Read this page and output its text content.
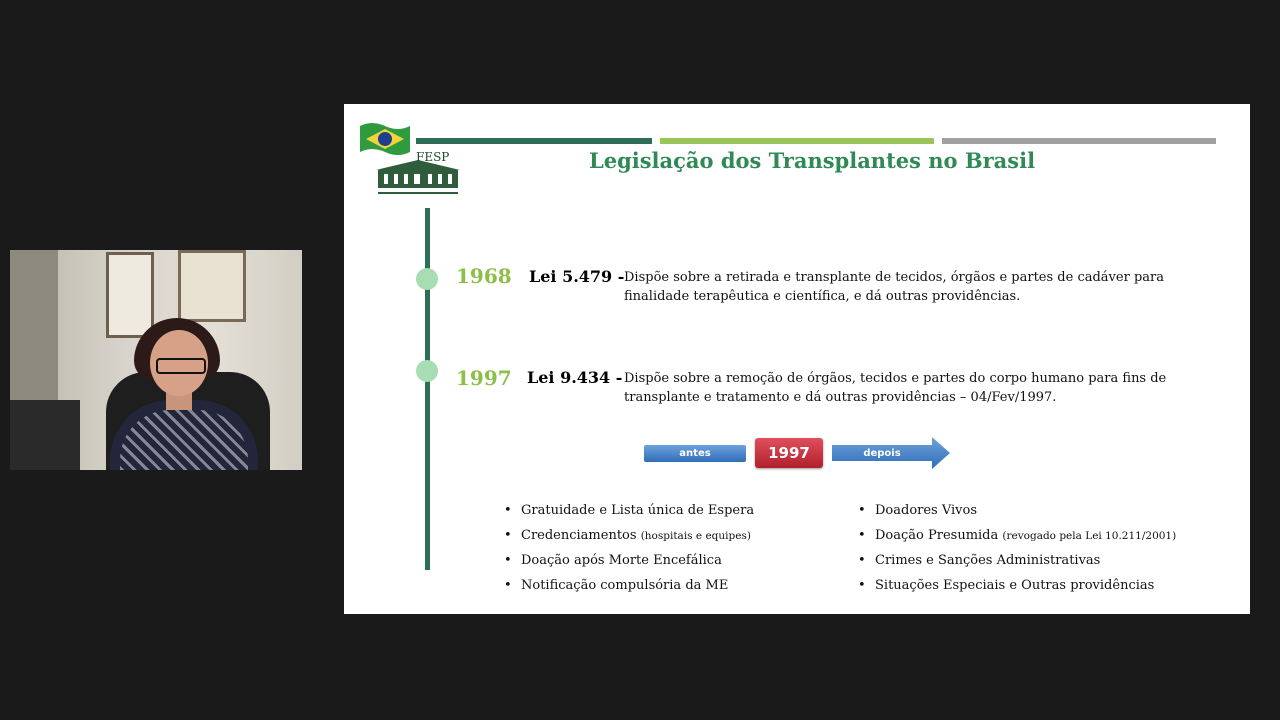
FESP	Legislação dos Transplantes no Brasil
1968 Lei 5.479 - Dispõe sobre a retirada e transplante de tecidos, órgãos e partes de cadáver para finalidade terapêutica e científica, e dá outras providências.
1997 Lei 9.434 - Dispõe sobre a remoção de órgãos, tecidos e partes do corpo humano para fins de transplante e tratamento e dá outras providências – 04/Fev/1997.
antes	1997	depois
• Gratuidade e Lista única de Espera
• Credenciamentos (hospitais e equipes)
• Doação após Morte Encefálica
• Notificação compulsória da ME
• Doadores Vivos
• Doação Presumida (revogado pela Lei 10.211/2001)
• Crimes e Sanções Administrativas
• Situações Especiais e Outras providências
